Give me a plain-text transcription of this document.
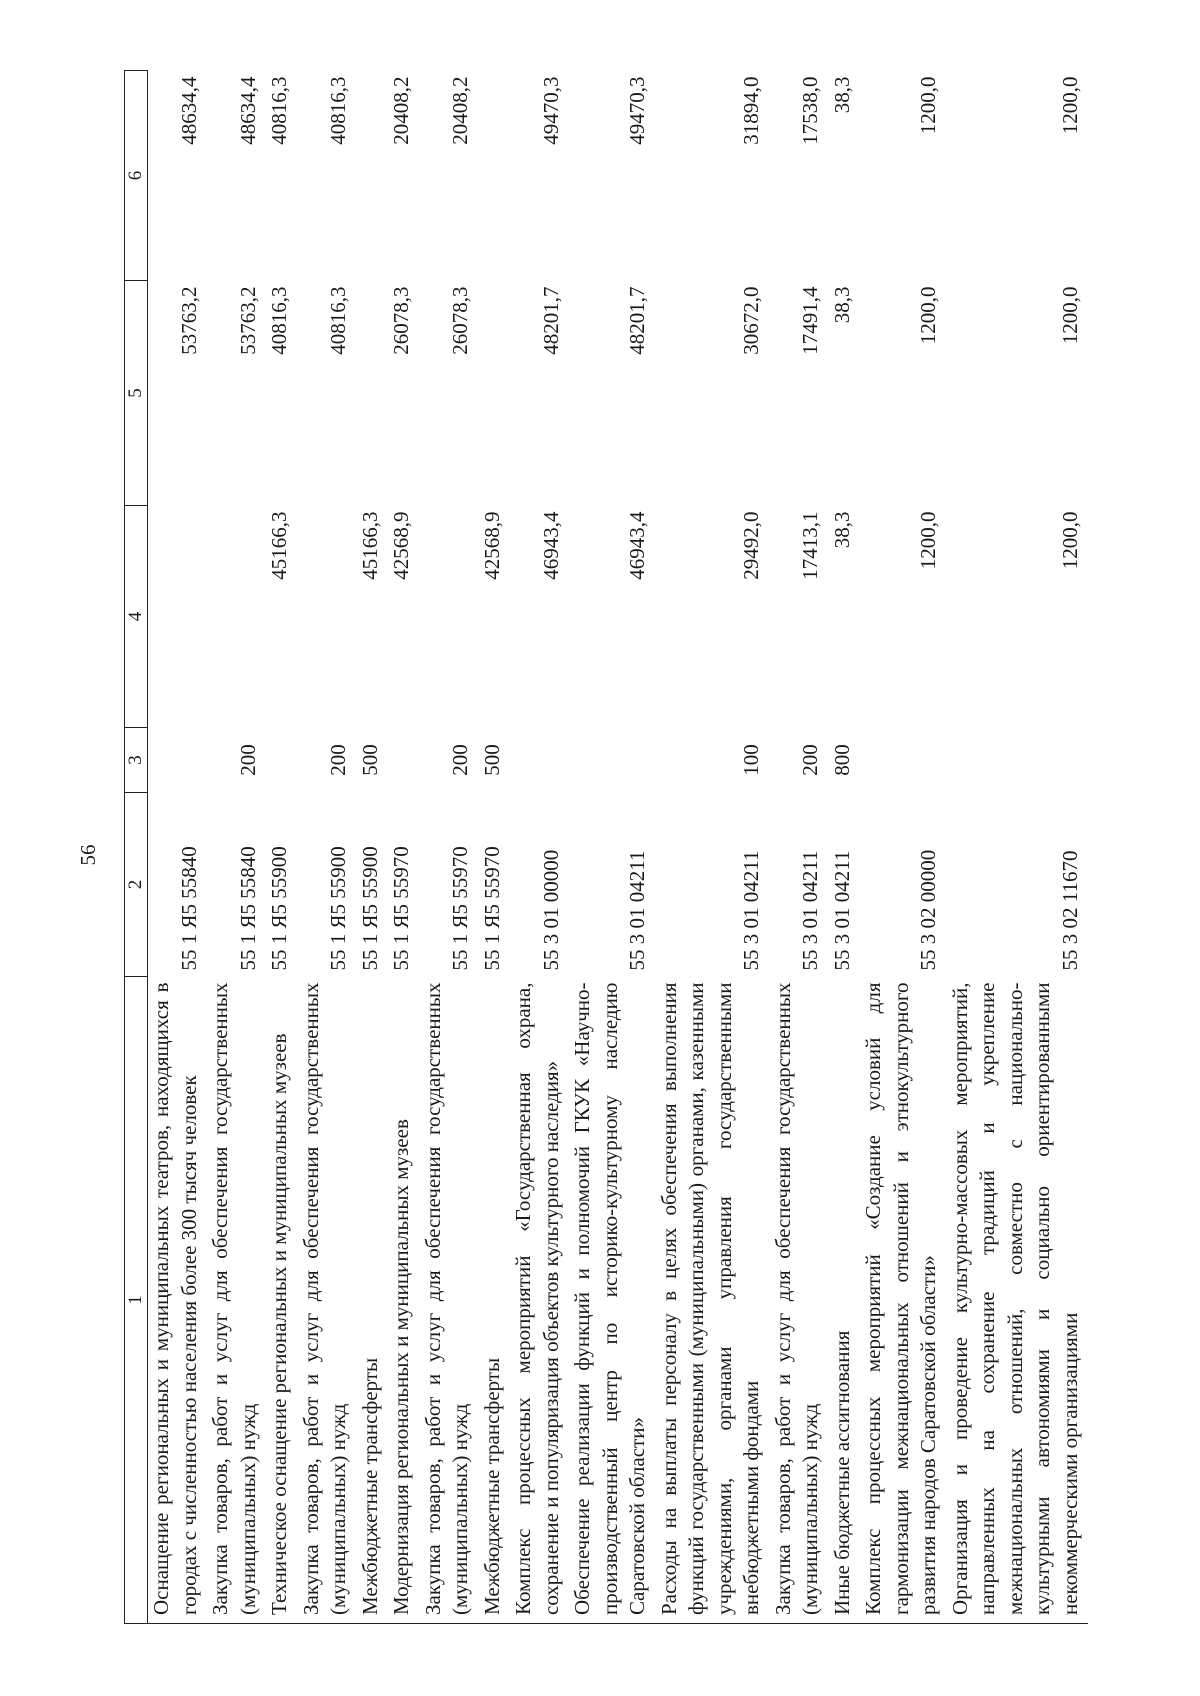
56
1	2	3	4	5	6
Оснащение региональных и муниципальных театров, находящихся в городах с численностью населения более 300 тысяч человек	55 1 Я5 55840			53763,2	48634,4

Закупка товаров, работ и услуг для обеспечения государственных (муниципальных) нужд	55 1 Я5 55840	200		53763,2	48634,4

Техническое оснащение региональных и муниципальных музеев	55 1 Я5 55900		45166,3	40816,3	40816,3

Закупка товаров, работ и услуг для обеспечения государственных (муниципальных) нужд	55 1 Я5 55900	200		40816,3	40816,3

Межбюджетные трансферты	55 1 Я5 55900	500	45166,3		

Модернизация региональных и муниципальных музеев	55 1 Я5 55970		42568,9	26078,3	20408,2

Закупка товаров, работ и услуг для обеспечения государственных (муниципальных) нужд	55 1 Я5 55970	200		26078,3	20408,2

Межбюджетные трансферты	55 1 Я5 55970	500	42568,9		

Комплекс процессных мероприятий «Государственная охрана, сохранение и популяризация объектов культурного наследия»	55 3 01 00000		46943,4	48201,7	49470,3

Обеспечение реализации функций и полномочий ГКУК «Научно-производственный центр по историко-культурному наследию Саратовской области»	55 3 01 04211		46943,4	48201,7	49470,3

Расходы на выплаты персоналу в целях обеспечения выполнения функций государственными (муниципальными) органами, казенными учреждениями, органами управления государственными внебюджетными фондами	55 3 01 04211	100	29492,0	30672,0	31894,0

Закупка товаров, работ и услуг для обеспечения государственных (муниципальных) нужд	55 3 01 04211	200	17413,1	17491,4	17538,0

Иные бюджетные ассигнования	55 3 01 04211	800	38,3	38,3	38,3

Комплекс процессных мероприятий «Создание условий для гармонизации межнациональных отношений и этнокультурного развития народов Саратовской области»	55 3 02 00000		1200,0	1200,0	1200,0

Организация и проведение культурно-массовых мероприятий, направленных на сохранение традиций и укрепление межнациональных отношений, совместно с национально-культурными автономиями и социально ориентированными некоммерческими организациями	55 3 02 11670		1200,0	1200,0	1200,0
